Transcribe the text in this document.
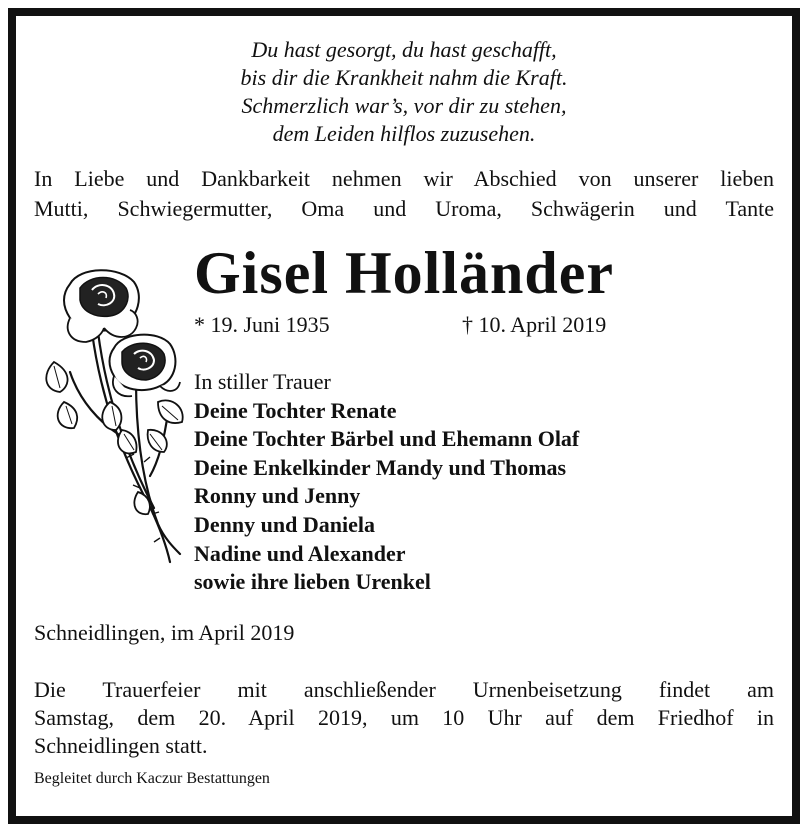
Du hast gesorgt, du hast geschafft,
bis dir die Krankheit nahm die Kraft.
Schmerzlich war’s, vor dir zu stehen,
dem Leiden hilflos zuzusehen.
In Liebe und Dankbarkeit nehmen wir Abschied von unserer lieben
Mutti, Schwiegermutter, Oma und Uroma, Schwägerin und Tante
Gisel Holländer
* 19. Juni 1935	† 10. April 2019
In stiller Trauer
Deine Tochter Renate
Deine Tochter Bärbel und Ehemann Olaf
Deine Enkelkinder Mandy und Thomas
Ronny und Jenny
Denny und Daniela
Nadine und Alexander
sowie ihre lieben Urenkel
Schneidlingen, im April 2019
Die Trauerfeier mit anschließender Urnenbeisetzung findet am
Samstag, dem 20. April 2019, um 10 Uhr auf dem Friedhof in
Schneidlingen statt.
Begleitet durch Kaczur Bestattungen
